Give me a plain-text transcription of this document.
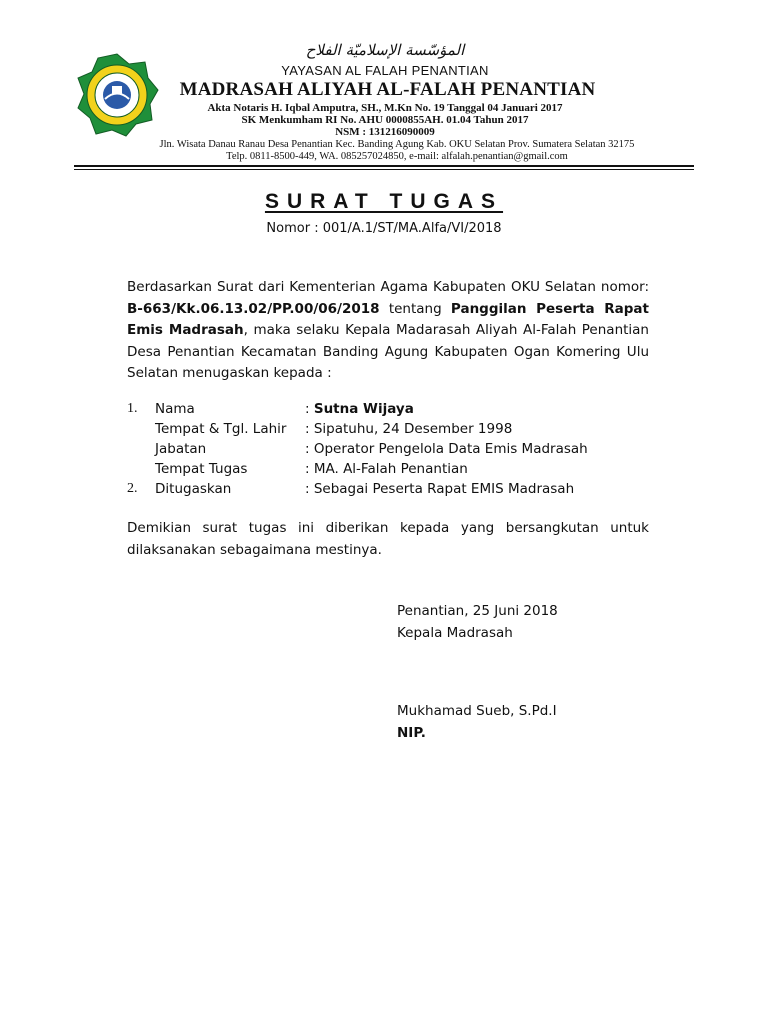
المؤسّسة الإسلاميّة الفلاح
YAYASAN AL FALAH PENANTIAN
MADRASAH ALIYAH AL-FALAH PENANTIAN
Akta Notaris H. Iqbal Amputra, SH., M.Kn No. 19 Tanggal 04 Januari 2017
SK Menkumham RI No. AHU 0000855AH. 01.04 Tahun 2017
NSM : 131216090009
Jln. Wisata Danau Ranau Desa Penantian Kec. Banding Agung Kab. OKU Selatan Prov. Sumatera Selatan 32175
Telp. 0811-8500-449, WA. 085257024850, e-mail: alfalah.penantian@gmail.com
SURAT TUGAS
Nomor : 001/A.1/ST/MA.Alfa/VI/2018
Berdasarkan Surat dari Kementerian Agama Kabupaten OKU Selatan nomor: B-663/Kk.06.13.02/PP.00/06/2018 tentang Panggilan Peserta Rapat Emis Madrasah, maka selaku Kepala Madarasah Aliyah Al-Falah Penantian Desa Penantian Kecamatan Banding Agung Kabupaten Ogan Komering Ulu Selatan menugaskan kepada :
1.	Nama	: Sutna Wijaya
Tempat & Tgl. Lahir	: Sipatuhu, 24 Desember 1998
Jabatan	: Operator Pengelola Data Emis Madrasah
Tempat Tugas	: MA. Al-Falah Penantian
2.	Ditugaskan	: Sebagai Peserta Rapat EMIS Madrasah
Demikian surat tugas ini diberikan kepada yang bersangkutan untuk dilaksanakan sebagaimana mestinya.
Penantian, 25 Juni 2018
Kepala Madrasah
Mukhamad Sueb, S.Pd.I
NIP.
